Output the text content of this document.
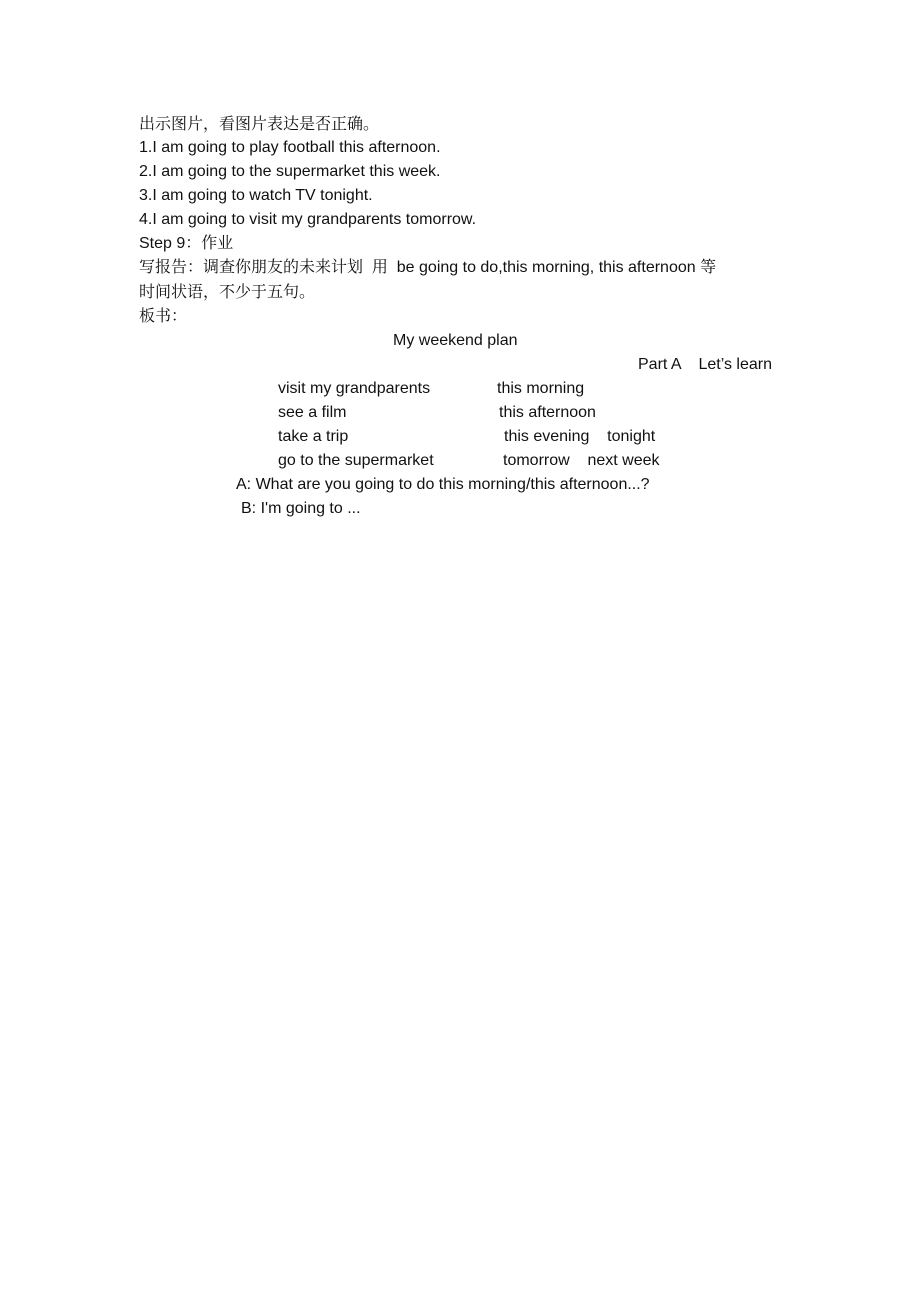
出示图片，看图片表达是否正确。
1.I am going to play football this afternoon.
2.I am going to the supermarket this week.
3.I am going to watch TV tonight.
4.I am going to visit my grandparents tomorrow.
Step 9：作业
写报告：调查你朋友的未来计划  用  be going to do,this morning, this afternoon 等
时间状语，不少于五句。
板书：
My weekend plan
Part A    Let’s learn
visit my grandparents	this morning
see a film	this afternoon
take a trip	this evening    tonight
go to the supermarket	tomorrow    next week
A: What are you going to do this morning/this afternoon...?
B: I'm going to ...
